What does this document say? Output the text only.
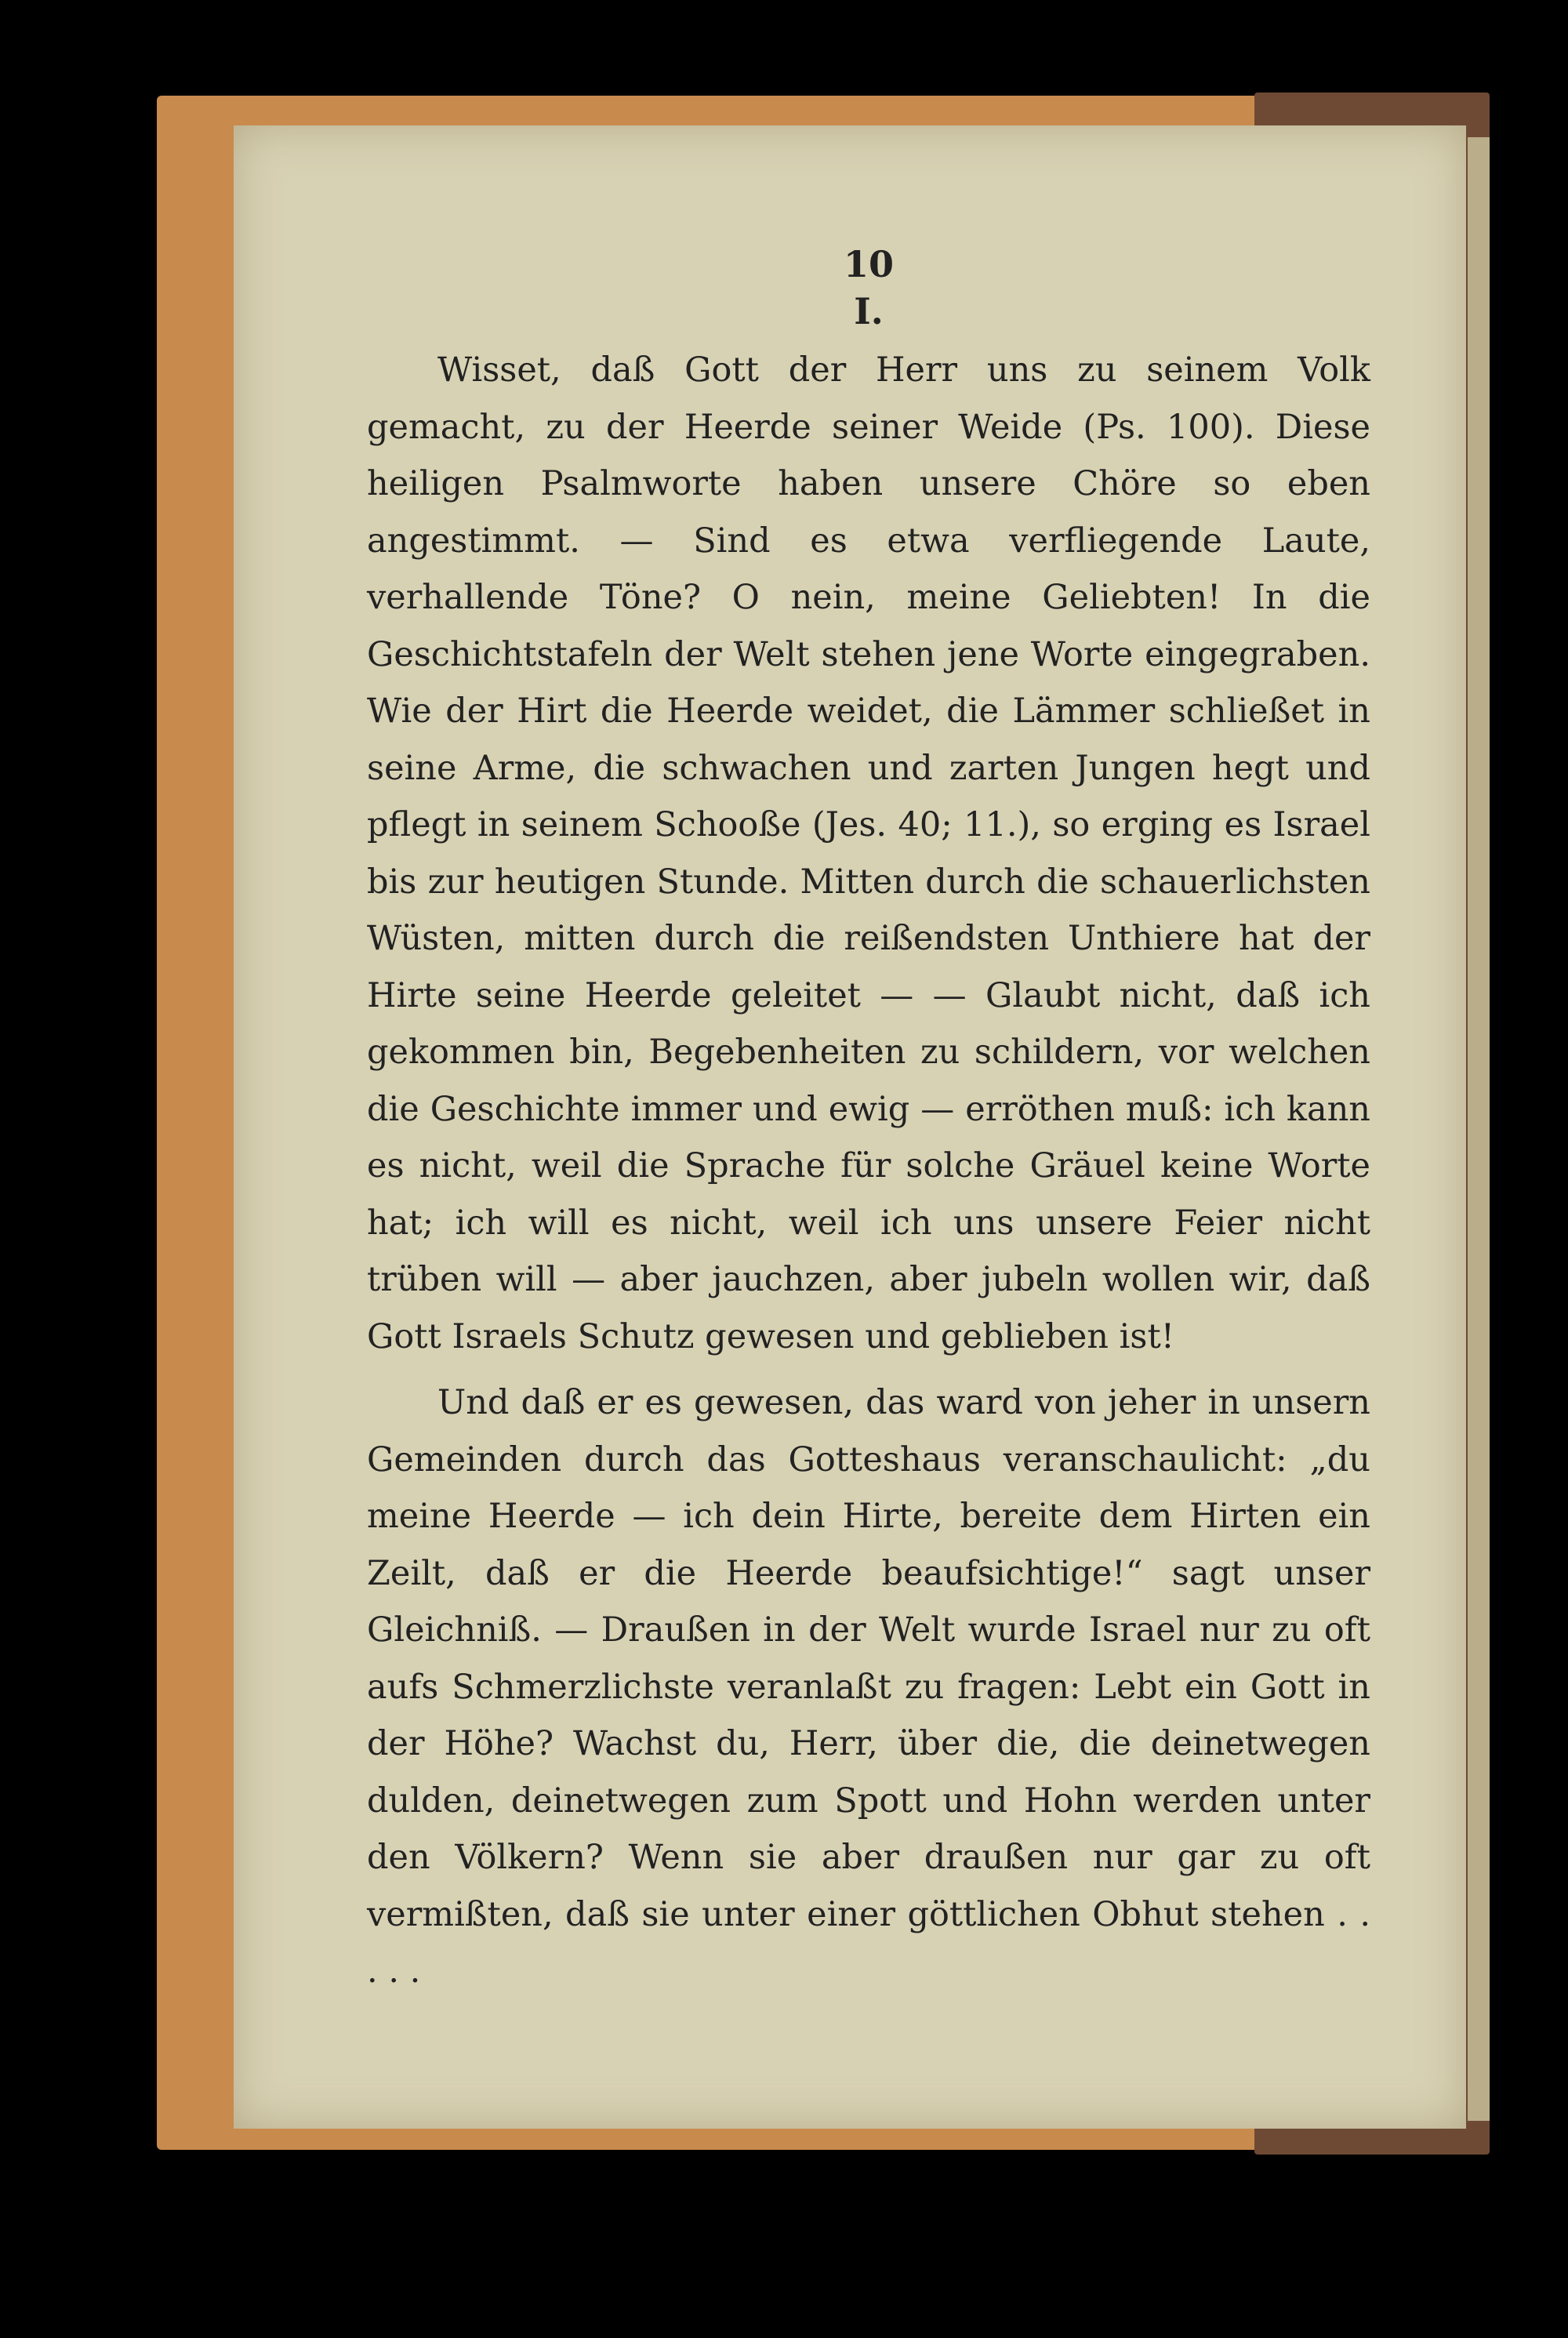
10
I.

Wisset, daß Gott der Herr uns zu seinem Volk gemacht, zu der Heerde seiner Weide (Ps. 100). Diese heiligen Psalmworte haben unsere Chöre so eben angestimmt. — Sind es etwa verfliegende Laute, verhallende Töne? O nein, meine Geliebten! In die Geschichtstafeln der Welt stehen jene Worte eingegraben. Wie der Hirt die Heerde weidet, die Lämmer schließet in seine Arme, die schwachen und zarten Jungen hegt und pflegt in seinem Schooße (Jes. 40; 11.), so erging es Israel bis zur heutigen Stunde. Mitten durch die schauerlichsten Wüsten, mitten durch die reißendsten Unthiere hat der Hirte seine Heerde geleitet — — Glaubt nicht, daß ich gekommen bin, Begebenheiten zu schildern, vor welchen die Geschichte immer und ewig — erröthen muß: ich kann es nicht, weil die Sprache für solche Gräuel keine Worte hat; ich will es nicht, weil ich uns unsere Feier nicht trüben will — aber jauchzen, aber jubeln wollen wir, daß Gott Israels Schutz gewesen und geblieben ist!

Und daß er es gewesen, das ward von jeher in unsern Gemeinden durch das Gotteshaus veranschaulicht: „du meine Heerde — ich dein Hirte, bereite dem Hirten ein Zeilt, daß er die Heerde beaufsichtige!“ sagt unser Gleichniß. — Draußen in der Welt wurde Israel nur zu oft aufs Schmerzlichste veranlaßt zu fragen: Lebt ein Gott in der Höhe? Wachst du, Herr, über die, die deinetwegen dulden, deinetwegen zum Spott und Hohn werden unter den Völkern? Wenn sie aber draußen nur gar zu oft vermißten, daß sie unter einer göttlichen Obhut stehen . . . . .
